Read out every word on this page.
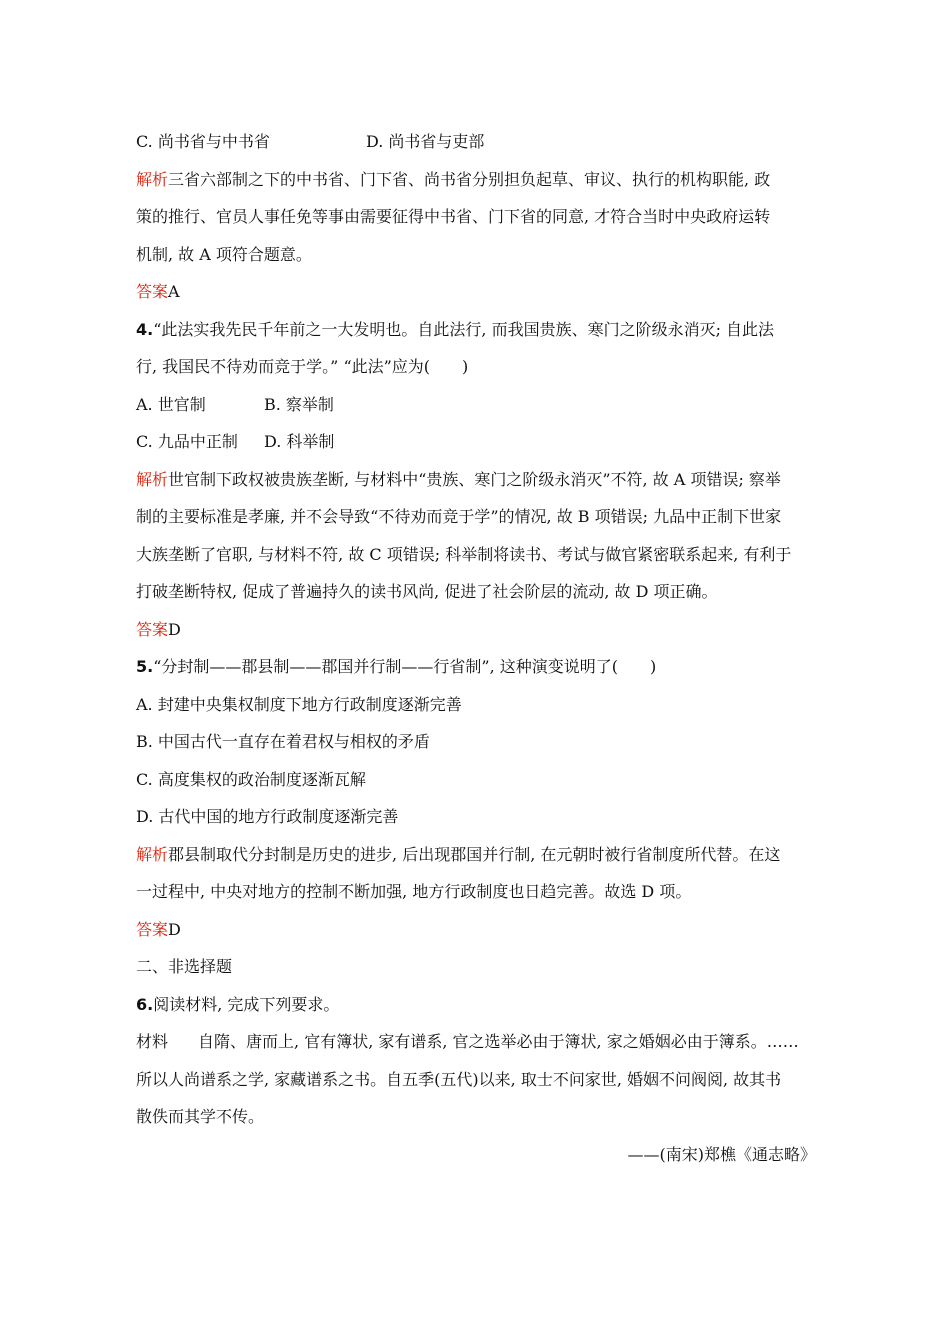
C. 尚书省与中书省	D. 尚书省与吏部
解析三省六部制之下的中书省、门下省、尚书省分别担负起草、审议、执行的机构职能, 政
策的推行、官员人事任免等事由需要征得中书省、门下省的同意, 才符合当时中央政府运转
机制, 故 A 项符合题意。
答案A
4.“此法实我先民千年前之一大发明也。自此法行, 而我国贵族、寒门之阶级永消灭; 自此法
行, 我国民不待劝而竞于学。” “此法”应为(　　)
A. 世官制	B. 察举制
C. 九品中正制	D. 科举制
解析世官制下政权被贵族垄断, 与材料中“贵族、寒门之阶级永消灭”不符, 故 A 项错误; 察举
制的主要标准是孝廉, 并不会导致“不待劝而竞于学”的情况, 故 B 项错误; 九品中正制下世家
大族垄断了官职, 与材料不符, 故 C 项错误; 科举制将读书、考试与做官紧密联系起来, 有利于
打破垄断特权, 促成了普遍持久的读书风尚, 促进了社会阶层的流动, 故 D 项正确。
答案D
5.“分封制——郡县制——郡国并行制——行省制”, 这种演变说明了(　　)
A. 封建中央集权制度下地方行政制度逐渐完善
B. 中国古代一直存在着君权与相权的矛盾
C. 高度集权的政治制度逐渐瓦解
D. 古代中国的地方行政制度逐渐完善
解析郡县制取代分封制是历史的进步, 后出现郡国并行制, 在元朝时被行省制度所代替。在这
一过程中, 中央对地方的控制不断加强, 地方行政制度也日趋完善。故选 D 项。
答案D
二、非选择题
6.阅读材料, 完成下列要求。
材料 自隋、唐而上, 官有簿状, 家有谱系, 官之选举必由于簿状, 家之婚姻必由于簿系。……
所以人尚谱系之学, 家藏谱系之书。自五季(五代)以来, 取士不问家世, 婚姻不问阀阅, 故其书
散佚而其学不传。
——(南宋)郑樵《通志略》
